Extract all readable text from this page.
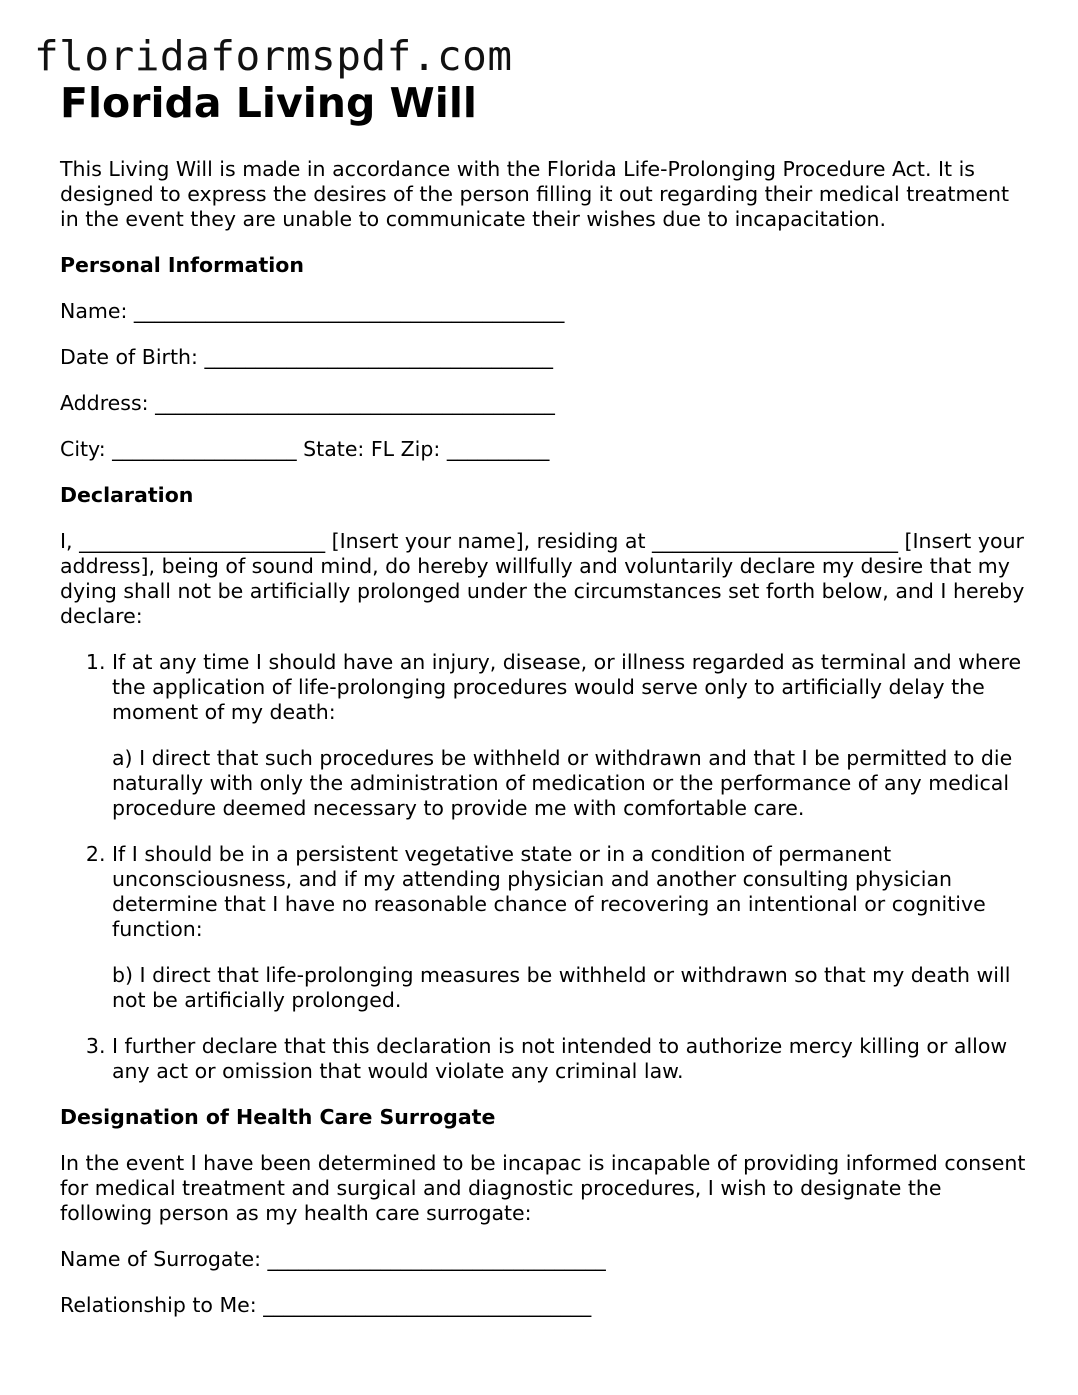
floridaformspdf.com
Florida Living Will

This Living Will is made in accordance with the Florida Life-Prolonging Procedure Act. It is designed to express the desires of the person filling it out regarding their medical treatment in the event they are unable to communicate their wishes due to incapacitation.

Personal Information

Name: __________________________________________

Date of Birth: __________________________________

Address: _______________________________________

City: __________________ State: FL Zip: __________

Declaration

I, ________________________ [Insert your name], residing at ________________________ [Insert your address], being of sound mind, do hereby willfully and voluntarily declare my desire that my dying shall not be artificially prolonged under the circumstances set forth below, and I hereby declare:

1. If at any time I should have an injury, disease, or illness regarded as terminal and where the application of life-prolonging procedures would serve only to artificially delay the moment of my death:

a) I direct that such procedures be withheld or withdrawn and that I be permitted to die naturally with only the administration of medication or the performance of any medical procedure deemed necessary to provide me with comfortable care.

2. If I should be in a persistent vegetative state or in a condition of permanent unconsciousness, and if my attending physician and another consulting physician determine that I have no reasonable chance of recovering an intentional or cognitive function:

b) I direct that life-prolonging measures be withheld or withdrawn so that my death will not be artificially prolonged.

3. I further declare that this declaration is not intended to authorize mercy killing or allow any act or omission that would violate any criminal law.

Designation of Health Care Surrogate

In the event I have been determined to be incapac is incapable of providing informed consent for medical treatment and surgical and diagnostic procedures, I wish to designate the following person as my health care surrogate:

Name of Surrogate: _________________________________

Relationship to Me: ________________________________
